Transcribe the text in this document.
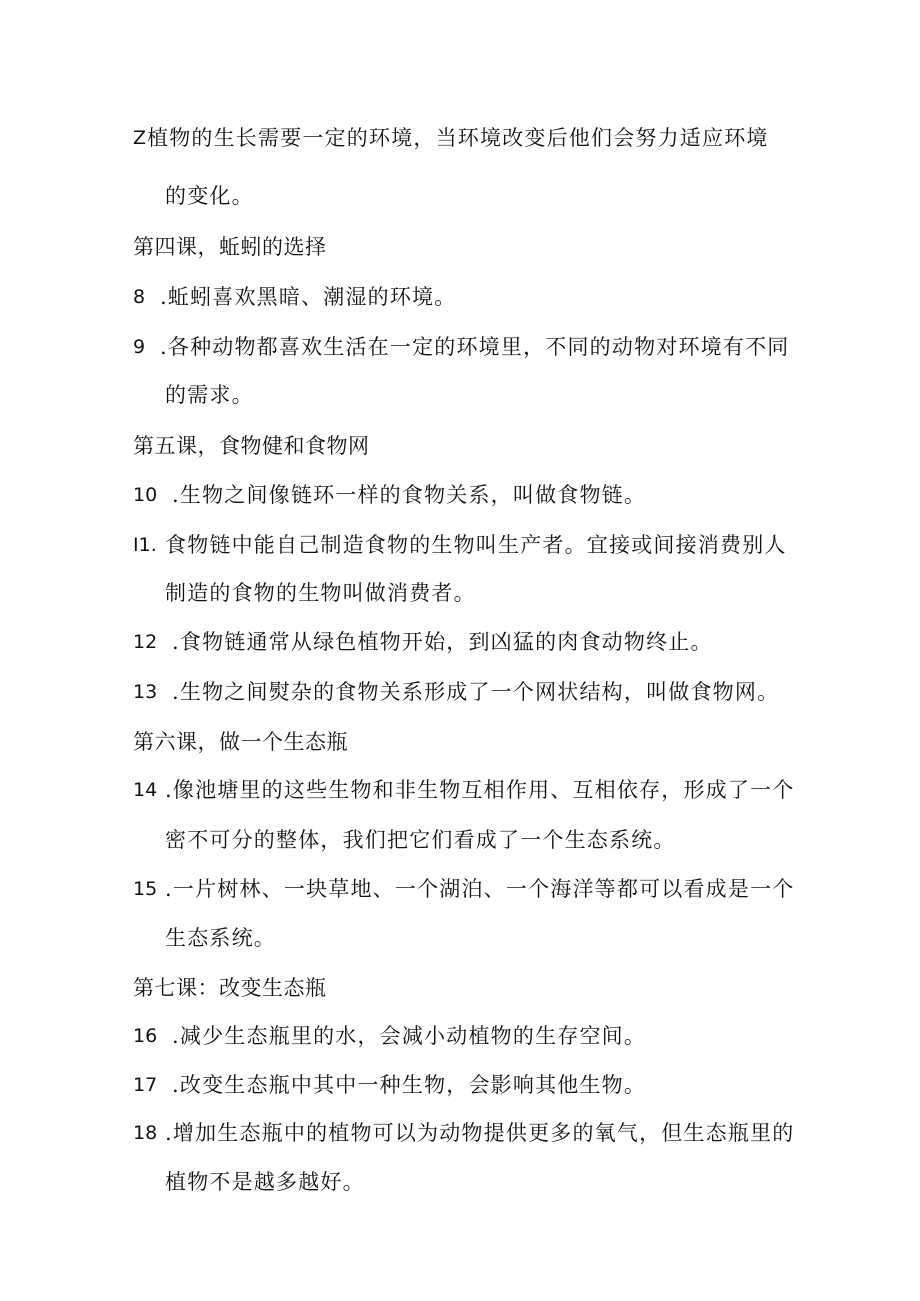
Z 植物的生长需要一定的环境，当环境改变后他们会努力适应环境
的变化。
第四课，蚯蚓的选择
8 .蚯蚓喜欢黑暗、潮湿的环境。
9 .各种动物都喜欢生活在一定的环境里，不同的动物对环境有不同
的需求。
第五课，食物健和食物网
10 .生物之间像链环一样的食物关系，叫做食物链。
I1. 食物链中能自己制造食物的生物叫生产者。宜接或间接消费别人
制造的食物的生物叫做消费者。
12 .食物链通常从绿色植物开始，到凶猛的肉食动物终止。
13 .生物之间熨杂的食物关系形成了一个网状结构，叫做食物网。
第六课，做一个生态瓶
14 .像池塘里的这些生物和非生物互相作用、互相依存，形成了一个
密不可分的整体，我们把它们看成了一个生态系统。
15 .一片树林、一块草地、一个湖泊、一个海洋等都可以看成是一个
生态系统。
第七课：改变生态瓶
16 .减少生态瓶里的水，会减小动植物的生存空间。
17 .改变生态瓶中其中一种生物，会影响其他生物。
18 .增加生态瓶中的植物可以为动物提供更多的氧气，但生态瓶里的
植物不是越多越好。
